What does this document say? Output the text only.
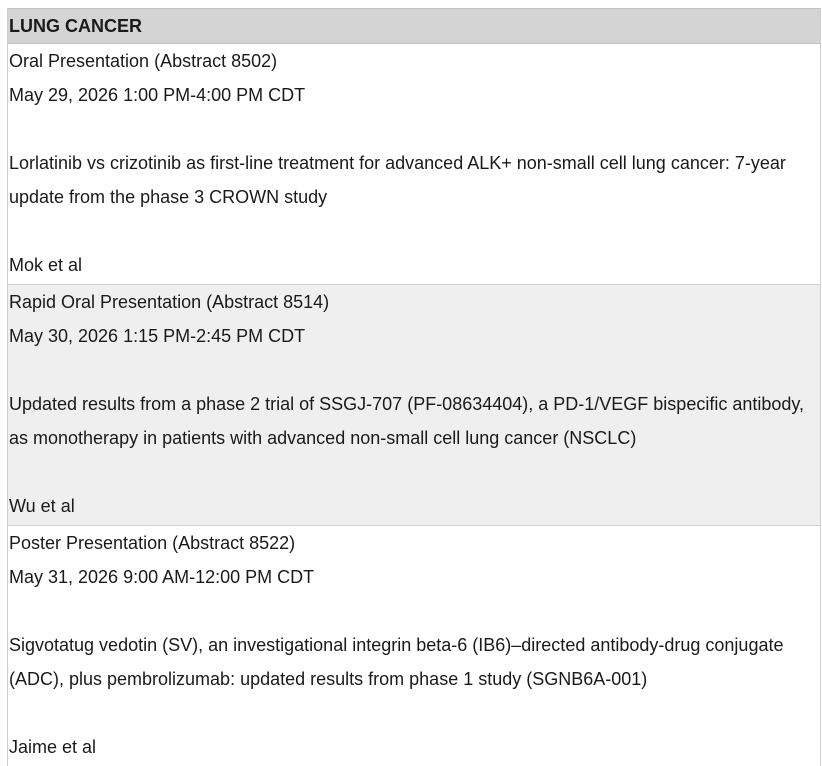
LUNG CANCER
Oral Presentation (Abstract 8502)
May 29, 2026 1:00 PM-4:00 PM CDT
Lorlatinib vs crizotinib as first-line treatment for advanced ALK+ non-small cell lung cancer: 7-year update from the phase 3 CROWN study
Mok et al
Rapid Oral Presentation (Abstract 8514)
May 30, 2026 1:15 PM-2:45 PM CDT
Updated results from a phase 2 trial of SSGJ-707 (PF-08634404), a PD-1/VEGF bispecific antibody, as monotherapy in patients with advanced non-small cell lung cancer (NSCLC)
Wu et al
Poster Presentation (Abstract 8522)
May 31, 2026 9:00 AM-12:00 PM CDT
Sigvotatug vedotin (SV), an investigational integrin beta-6 (IB6)–directed antibody-drug conjugate (ADC), plus pembrolizumab: updated results from phase 1 study (SGNB6A-001)
Jaime et al
